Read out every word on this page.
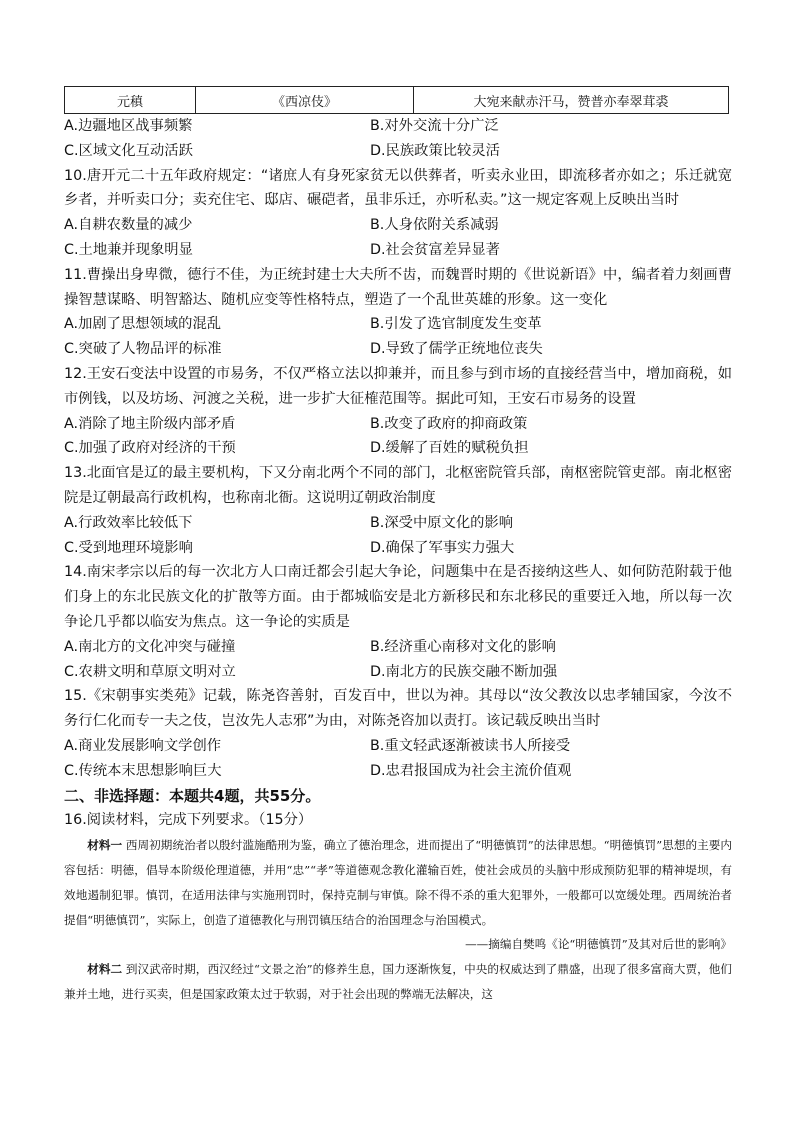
元稹	《西凉伎》	大宛来献赤汗马，赞普亦奉翠茸裘
A.边疆地区战事频繁	B.对外交流十分广泛
C.区域文化互动活跃	D.民族政策比较灵活

10.唐开元二十五年政府规定：“诸庶人有身死家贫无以供葬者，听卖永业田，即流移者亦如之；乐迁就宽乡者，并听卖口分；卖充住宅、邸店、碾硙者，虽非乐迁，亦听私卖。”这一规定客观上反映出当时

A.自耕农数量的减少	B.人身依附关系减弱
C.土地兼并现象明显	D.社会贫富差异显著

11.曹操出身卑微，德行不佳，为正统封建士大夫所不齿，而魏晋时期的《世说新语》中，编者着力刻画曹操智慧谋略、明智豁达、随机应变等性格特点，塑造了一个乱世英雄的形象。这一变化

A.加剧了思想领域的混乱	B.引发了选官制度发生变革
C.突破了人物品评的标准	D.导致了儒学正统地位丧失

12.王安石变法中设置的市易务，不仅严格立法以抑兼并，而且参与到市场的直接经营当中，增加商税，如市例钱，以及坊场、河渡之关税，进一步扩大征榷范围等。据此可知，王安石市易务的设置

A.消除了地主阶级内部矛盾	B.改变了政府的抑商政策
C.加强了政府对经济的干预	D.缓解了百姓的赋税负担

13.北面官是辽的最主要机构，下又分南北两个不同的部门，北枢密院管兵部，南枢密院管吏部。南北枢密院是辽朝最高行政机构，也称南北衙。这说明辽朝政治制度

A.行政效率比较低下	B.深受中原文化的影响
C.受到地理环境影响	D.确保了军事实力强大

14.南宋孝宗以后的每一次北方人口南迁都会引起大争论，问题集中在是否接纳这些人、如何防范附载于他们身上的东北民族文化的扩散等方面。由于都城临安是北方新移民和东北移民的重要迁入地，所以每一次争论几乎都以临安为焦点。这一争论的实质是

A.南北方的文化冲突与碰撞	B.经济重心南移对文化的影响
C.农耕文明和草原文明对立	D.南北方的民族交融不断加强

15.《宋朝事实类苑》记载，陈尧咨善射，百发百中，世以为神。其母以“汝父教汝以忠孝辅国家，今汝不务行仁化而专一夫之伎，岂汝先人志邪”为由，对陈尧咨加以责打。该记载反映出当时

A.商业发展影响文学创作	B.重文轻武逐渐被读书人所接受
C.传统本末思想影响巨大	D.忠君报国成为社会主流价值观

二、非选择题：本题共4题，共55分。

16.阅读材料，完成下列要求。（15分）

材料一 西周初期统治者以殷纣滥施酷刑为鉴，确立了德治理念，进而提出了“明德慎罚”的法律思想。“明德慎罚”思想的主要内容包括：明德，倡导本阶级伦理道德，并用“忠”“孝”等道德观念教化灌输百姓，使社会成员的头脑中形成预防犯罪的精神堤坝，有效地遏制犯罪。慎罚，在适用法律与实施刑罚时，保持克制与审慎。除不得不杀的重大犯罪外，一般都可以宽缓处理。西周统治者提倡“明德慎罚”，实际上，创造了道德教化与刑罚镇压结合的治国理念与治国模式。

——摘编自樊鸣《论“明德慎罚”及其对后世的影响》

材料二 到汉武帝时期，西汉经过“文景之治”的修养生息，国力逐渐恢复，中央的权威达到了鼎盛，出现了很多富商大贾，他们兼并土地，进行买卖，但是国家政策太过于软弱，对于社会出现的弊端无法解决，这
